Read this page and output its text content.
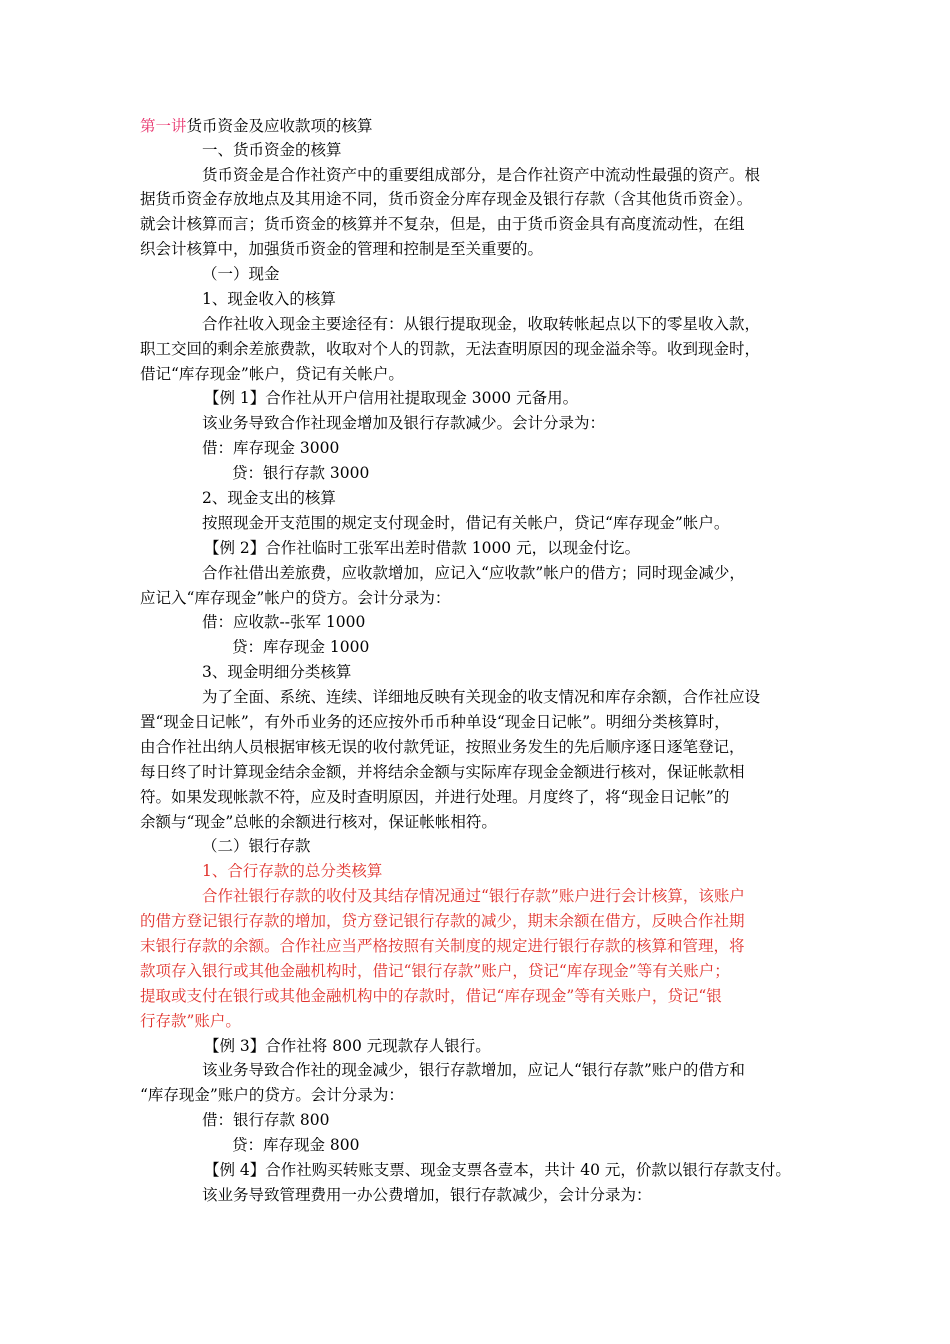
第一讲货币资金及应收款项的核算
一、货币资金的核算
货币资金是合作社资产中的重要组成部分，是合作社资产中流动性最强的资产。根
据货币资金存放地点及其用途不同，货币资金分库存现金及银行存款（含其他货币资金）。
就会计核算而言；货币资金的核算并不复杂，但是，由于货币资金具有高度流动性，在组
织会计核算中，加强货币资金的管理和控制是至关重要的。
（一）现金
1、现金收入的核算
合作社收入现金主要途径有：从银行提取现金，收取转帐起点以下的零星收入款，
职工交回的剩余差旅费款，收取对个人的罚款，无法查明原因的现金溢余等。收到现金时，
借记“库存现金”帐户，贷记有关帐户。
【例 1】合作社从开户信用社提取现金 3000 元备用。
该业务导致合作社现金增加及银行存款减少。会计分录为：
借：库存现金 3000
贷：银行存款 3000
2、现金支出的核算
按照现金开支范围的规定支付现金时，借记有关帐户，贷记“库存现金”帐户。
【例 2】合作社临时工张军出差时借款 1000 元，以现金付讫。
合作社借出差旅费，应收款增加，应记入“应收款”帐户的借方；同时现金减少，
应记入“库存现金”帐户的贷方。会计分录为：
借：应收款--张军 1000
贷：库存现金 1000
3、现金明细分类核算
为了全面、系统、连续、详细地反映有关现金的收支情况和库存余额，合作社应设
置“现金日记帐”，有外币业务的还应按外币币种单设“现金日记帐”。明细分类核算时，
由合作社出纳人员根据审核无误的收付款凭证，按照业务发生的先后顺序逐日逐笔登记，
每日终了时计算现金结余金额，并将结余金额与实际库存现金金额进行核对，保证帐款相
符。如果发现帐款不符，应及时查明原因，并进行处理。月度终了，将“现金日记帐”的
余额与“现金”总帐的余额进行核对，保证帐帐相符。
（二）银行存款
1、合行存款的总分类核算
合作社银行存款的收付及其结存情况通过“银行存款”账户进行会计核算，该账户
的借方登记银行存款的增加，贷方登记银行存款的减少，期末余额在借方，反映合作社期
末银行存款的余额。合作社应当严格按照有关制度的规定进行银行存款的核算和管理，将
款项存入银行或其他金融机构时，借记“银行存款”账户，贷记“库存现金”等有关账户；
提取或支付在银行或其他金融机构中的存款时，借记“库存现金”等有关账户，贷记“银
行存款”账户。
【例 3】合作社将 800 元现款存人银行。
该业务导致合作社的现金减少，银行存款增加，应记人“银行存款”账户的借方和
“库存现金”账户的贷方。会计分录为：
借：银行存款 800
贷：库存现金 800
【例 4】合作社购买转账支票、现金支票各壹本，共计 40 元，价款以银行存款支付。
该业务导致管理费用一办公费增加，银行存款减少，会计分录为：
